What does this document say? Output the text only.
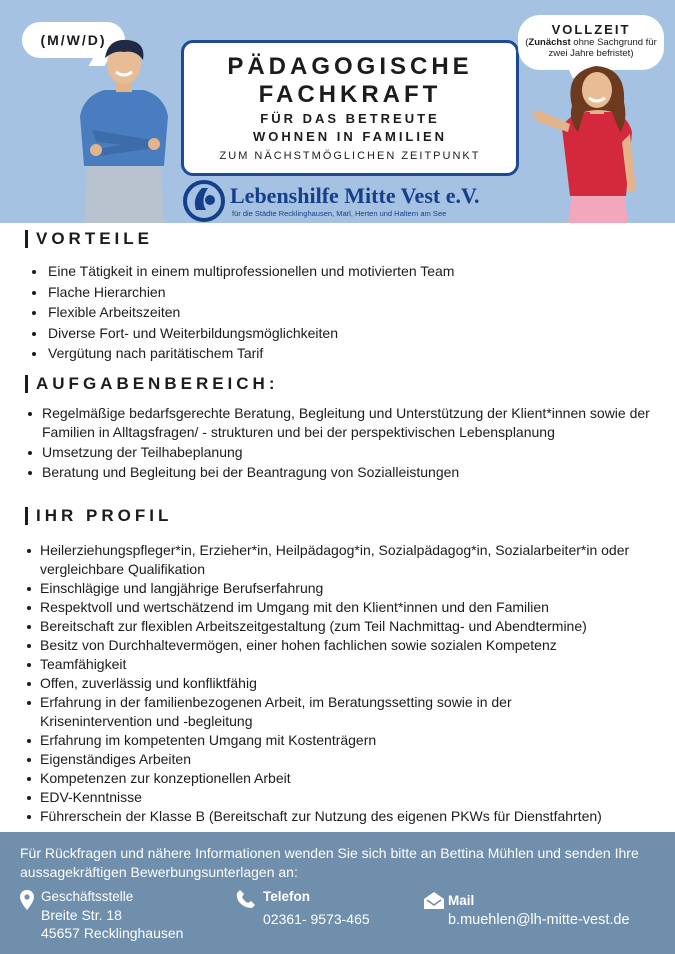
(M/W/D)
PÄDAGOGISCHE
FACHKRAFT
FÜR DAS BETREUTE
WOHNEN IN FAMILIEN
ZUM NÄCHSTMÖGLICHEN ZEITPUNKT
VOLLZEIT
(Zunächst ohne Sachgrund für zwei Jahre befristet)
Lebenshilfe Mitte Vest e.V.
für die Städte Recklinghausen, Marl, Herten und Haltern am See
VORTEILE
Eine Tätigkeit in einem multiprofessionellen und motivierten Team
Flache Hierarchien
Flexible Arbeitszeiten
Diverse Fort- und Weiterbildungsmöglichkeiten
Vergütung nach paritätischem Tarif
AUFGABENBEREICH:
Regelmäßige bedarfsgerechte Beratung, Begleitung und Unterstützung der Klient*innen sowie der Familien in Alltagsfragen/ - strukturen und bei der perspektivischen Lebensplanung
Umsetzung der Teilhabeplanung
Beratung und Begleitung bei der Beantragung von Sozialleistungen
IHR PROFIL
Heilerziehungspfleger*in, Erzieher*in, Heilpädagog*in, Sozialpädagog*in, Sozialarbeiter*in oder vergleichbare Qualifikation
Einschlägige und langjährige Berufserfahrung
Respektvoll und wertschätzend im Umgang mit den Klient*innen und den Familien
Bereitschaft zur flexiblen Arbeitszeitgestaltung (zum Teil Nachmittag- und Abendtermine)
Besitz von Durchhaltevermögen, einer hohen fachlichen sowie sozialen Kompetenz
Teamfähigkeit
Offen, zuverlässig und konfliktfähig
Erfahrung in der familienbezogenen Arbeit, im Beratungssetting sowie in der Krisenintervention und -begleitung
Erfahrung im kompetenten Umgang mit Kostenträgern
Eigenständiges Arbeiten
Kompetenzen zur konzeptionellen Arbeit
EDV-Kenntnisse
Führerschein der Klasse B (Bereitschaft zur Nutzung des eigenen PKWs für Dienstfahrten)
Für Rückfragen und nähere Informationen wenden Sie sich bitte an Bettina Mühlen und senden Ihre aussagekräftigen Bewerbungsunterlagen an:
Geschäftsstelle
Breite Str. 18
45657 Recklinghausen
Telefon
02361- 9573-465
Mail
b.muehlen@lh-mitte-vest.de
